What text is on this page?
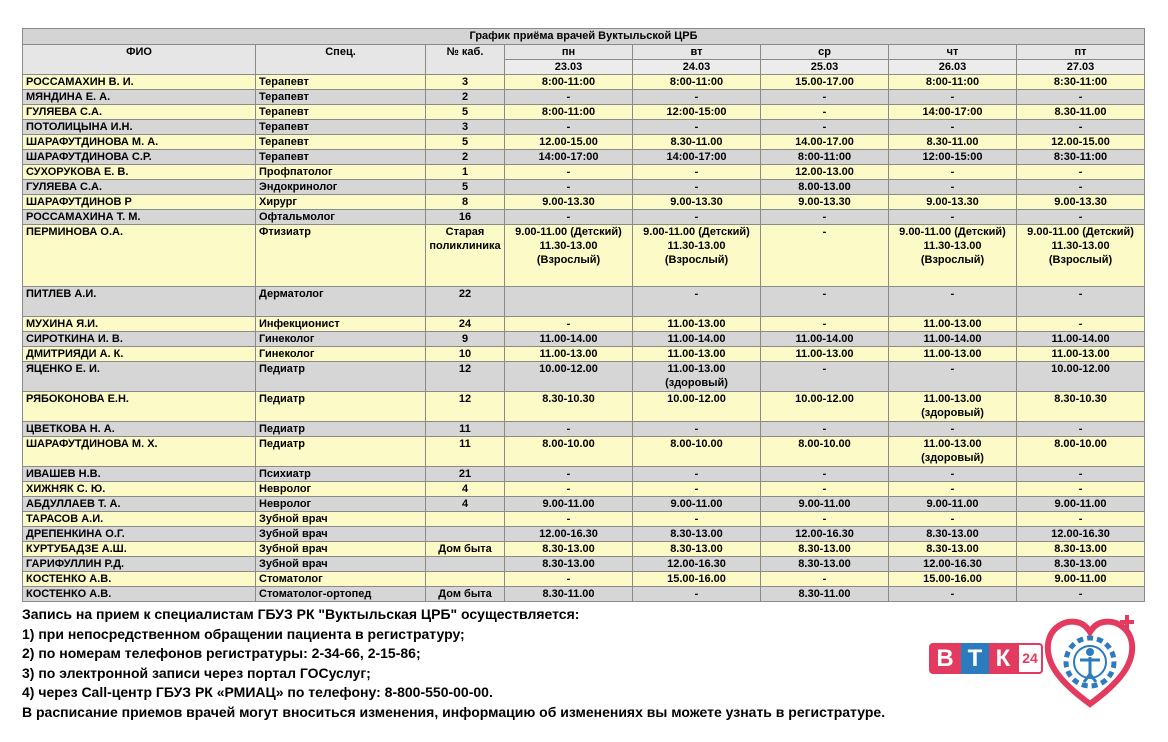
График приёма врачей Вуктыльской ЦРБ							
ФИО	Спец.	№ каб.	пн	вт	ср	чт	пт
			23.03	24.03	25.03	26.03	27.03
РОССАМАХИН В. И.	Терапевт	3	8:00-11:00	8:00-11:00	15.00-17.00	8:00-11:00	8:30-11:00
МЯНДИНА Е. А.	Терапевт	2	-	-	-	-	-
ГУЛЯЕВА С.А.	Терапевт	5	8:00-11:00	12:00-15:00	-	14:00-17:00	8.30-11.00
ПОТОЛИЦЫНА И.Н.	Терапевт	3	-	-	-	-	-
ШАРАФУТДИНОВА М. А.	Терапевт	5	12.00-15.00	8.30-11.00	14.00-17.00	8.30-11.00	12.00-15.00
ШАРАФУТДИНОВА С.Р.	Терапевт	2	14:00-17:00	14:00-17:00	8:00-11:00	12:00-15:00	8:30-11:00
СУХОРУКОВА Е. В.	Профпатолог	1	-	-	12.00-13.00	-	-
ГУЛЯЕВА С.А.	Эндокринолог	5	-	-	8.00-13.00	-	-
ШАРАФУТДИНОВ Р	Хирург	8	9.00-13.30	9.00-13.30	9.00-13.30	9.00-13.30	9.00-13.30
РОССАМАХИНА Т. М.	Офтальмолог	16	-	-	-	-	-
ПЕРМИНОВА О.А.	Фтизиатр	Старая поликлиника	9.00-11.00 (Детский) 11.30-13.00 (Взрослый)	9.00-11.00 (Детский) 11.30-13.00 (Взрослый)	-	9.00-11.00 (Детский) 11.30-13.00 (Взрослый)	9.00-11.00 (Детский) 11.30-13.00 (Взрослый)
ПИТЛЕВ А.И.	Дерматолог	22		-	-	-	-
МУХИНА Я.И.	Инфекционист	24	-	11.00-13.00	-	11.00-13.00	-
СИРОТКИНА И. В.	Гинеколог	9	11.00-14.00	11.00-14.00	11.00-14.00	11.00-14.00	11.00-14.00
ДМИТРИЯДИ А. К.	Гинеколог	10	11.00-13.00	11.00-13.00	11.00-13.00	11.00-13.00	11.00-13.00
ЯЦЕНКО Е. И.	Педиатр	12	10.00-12.00	11.00-13.00 (здоровый)	-	-	10.00-12.00
РЯБОКОНОВА Е.Н.	Педиатр	12	8.30-10.30	10.00-12.00	10.00-12.00	11.00-13.00 (здоровый)	8.30-10.30
ЦВЕТКОВА Н. А.	Педиатр	11	-	-	-	-	-
ШАРАФУТДИНОВА М. Х.	Педиатр	11	8.00-10.00	8.00-10.00	8.00-10.00	11.00-13.00 (здоровый)	8.00-10.00
ИВАШЕВ Н.В.	Психиатр	21	-	-	-	-	-
ХИЖНЯК С. Ю.	Невролог	4	-	-	-	-	-
АБДУЛЛАЕВ Т. А.	Невролог	4	9.00-11.00	9.00-11.00	9.00-11.00	9.00-11.00	9.00-11.00
ТАРАСОВ А.И.	Зубной врач		-	-	-	-	-
ДРЕПЕНКИНА О.Г.	Зубной врач		12.00-16.30	8.30-13.00	12.00-16.30	8.30-13.00	12.00-16.30
КУРТУБАДЗЕ А.Ш.	Зубной врач	Дом быта	8.30-13.00	8.30-13.00	8.30-13.00	8.30-13.00	8.30-13.00
ГАРИФУЛЛИН Р.Д.	Зубной врач		8.30-13.00	12.00-16.30	8.30-13.00	12.00-16.30	8.30-13.00
КОСТЕНКО А.В.	Стоматолог		-	15.00-16.00	-	15.00-16.00	9.00-11.00
КОСТЕНКО А.В.	Стоматолог-ортопед	Дом быта	8.30-11.00	-	8.30-11.00	-	-
Запись на прием к специалистам ГБУЗ РК "Вуктыльская ЦРБ" осуществляется:
1) при непосредственном обращении пациента в регистратуру;
2) по номерам телефонов регистратуры: 2-34-66, 2-15-86;
3) по электронной записи через портал ГОСуслуг;
4) через Call-центр ГБУЗ РК «РМИАЦ» по телефону: 8-800-550-00-00.
В расписание приемов врачей могут вноситься изменения, информацию об изменениях вы можете узнать в регистратуре.
В Т К 24
